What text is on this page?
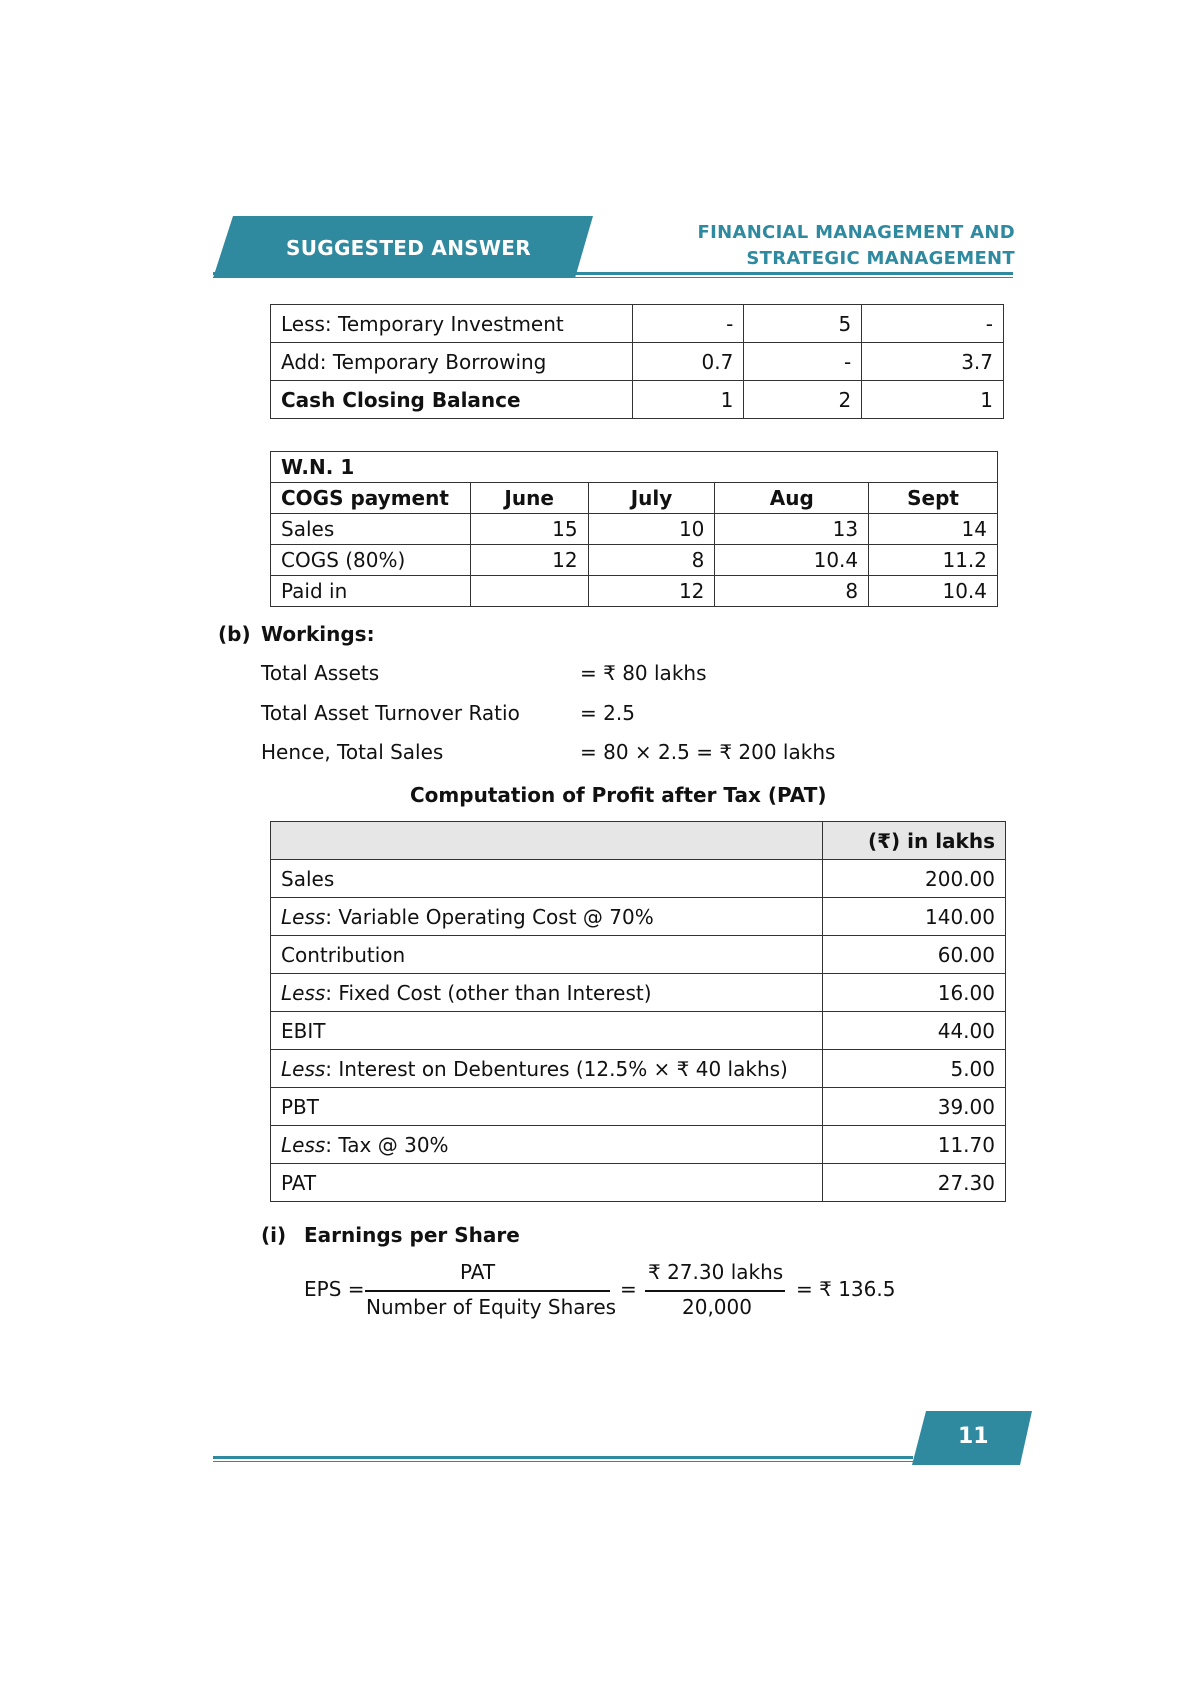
SUGGESTED ANSWER
FINANCIAL MANAGEMENT AND
STRATEGIC MANAGEMENT
Less: Temporary Investment	-	5	-
Add: Temporary Borrowing	0.7	-	3.7
Cash Closing Balance	1	2	1
W.N. 1				
COGS payment	June	July	Aug	Sept
Sales	15	10	13	14
COGS (80%)	12	8	10.4	11.2
Paid in		12	8	10.4
(b) Workings:
Total Assets	= ₹ 80 lakhs
Total Asset Turnover Ratio	= 2.5
Hence, Total Sales	= 80 × 2.5 = ₹ 200 lakhs
Computation of Profit after Tax (PAT)
	(₹) in lakhs
Sales	200.00
Less: Variable Operating Cost @ 70%	140.00
Contribution	60.00
Less: Fixed Cost (other than Interest)	16.00
EBIT	44.00
Less: Interest on Debentures (12.5% × ₹ 40 lakhs)	5.00
PBT	39.00
Less: Tax @ 30%	11.70
PAT	27.30
(i) Earnings per Share
EPS =
PAT
Number of Equity Shares
=
₹ 27.30 lakhs
20,000
= ₹ 136.5
11
